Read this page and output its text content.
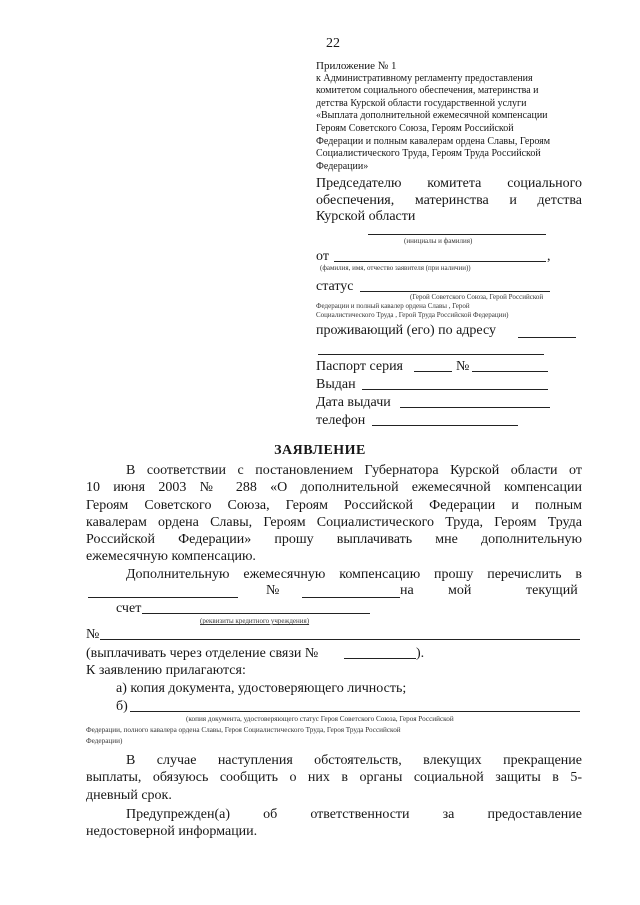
22
Приложение № 1
к Административному регламенту предоставления
комитетом социального обеспечения, материнства и
детства Курской области государственной услуги
«Выплата дополнительной ежемесячной компенсации
Героям Советского Союза, Героям Российской
Федерации и полным кавалерам ордена Славы, Героям
Социалистического Труда, Героям Труда Российской
Федерации»
Председателю комитета социального
обеспечения, материнства и детства
Курской области
(инициалы и фамилия)
от	,
(фамилия, имя, отчество заявителя (при наличии))
статус
(Герой Советского Союза, Герой Российской
Федерации и полный кавалер ордена Славы , Герой
Социалистического Труда , Герой Труда Российской Федерации)
проживающий (его) по адресу
Паспорт серия	№
Выдан
Дата выдачи
телефон
ЗАЯВЛЕНИЕ
В соответствии с постановлением Губернатора Курской области от
10 июня 2003 № 288 «О дополнительной ежемесячной компенсации
Героям Советского Союза, Героям Российской Федерации и полным
кавалерам ордена Славы, Героям Социалистического Труда, Героям Труда
Российской Федерации» прошу выплачивать мне дополнительную
ежемесячную компенсацию.
Дополнительную ежемесячную компенсацию прошу перечислить в
№	на мой	текущий
счет
(реквизиты кредитного учреждения)
№
(выплачивать через отделение связи №	).
К заявлению прилагаются:
а) копия документа, удостоверяющего личность;
б)
(копия документа, удостоверяющего статус Героя Советского Союза, Героя Российской
Федерации, полного кавалера ордена Славы, Героя Социалистического Труда, Героя Труда Российской
Федерации)
В случае наступления обстоятельств, влекущих прекращение
выплаты, обязуюсь сообщить о них в органы социальной защиты в 5-
дневный срок.
Предупрежден(а) об ответственности за предоставление
недостоверной информации.
